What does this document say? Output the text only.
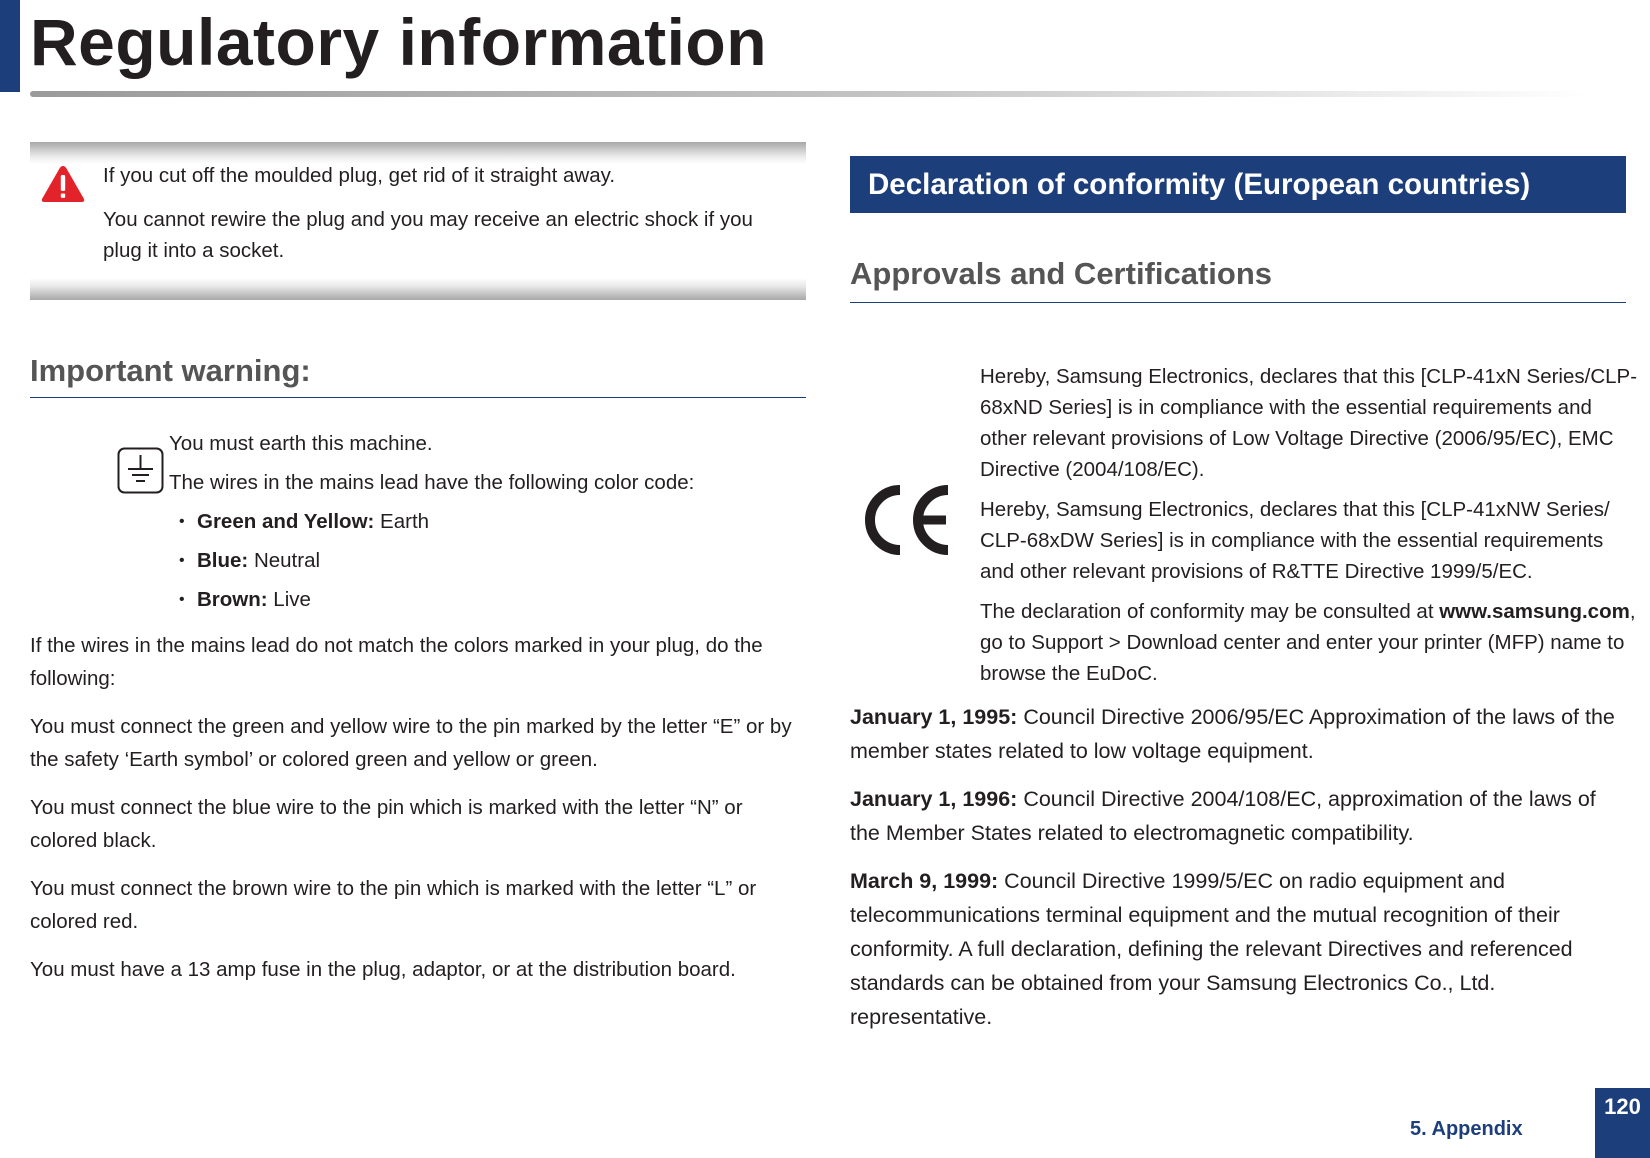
Regulatory information

If you cut off the moulded plug, get rid of it straight away.

You cannot rewire the plug and you may receive an electric shock if you plug it into a socket.

Important warning:

You must earth this machine.

The wires in the mains lead have the following color code:

• Green and Yellow: Earth
• Blue: Neutral
• Brown: Live

If the wires in the mains lead do not match the colors marked in your plug, do the following:

You must connect the green and yellow wire to the pin marked by the letter “E” or by the safety ‘Earth symbol’ or colored green and yellow or green.

You must connect the blue wire to the pin which is marked with the letter “N” or colored black.

You must connect the brown wire to the pin which is marked with the letter “L” or colored red.

You must have a 13 amp fuse in the plug, adaptor, or at the distribution board.

Declaration of conformity (European countries)
Approvals and Certifications

Hereby, Samsung Electronics, declares that this [CLP-41xN Series/CLP-68xND Series] is in compliance with the essential requirements and other relevant provisions of Low Voltage Directive (2006/95/EC), EMC Directive (2004/108/EC).

Hereby, Samsung Electronics, declares that this [CLP-41xNW Series/ CLP-68xDW Series] is in compliance with the essential requirements and other relevant provisions of R&TTE Directive 1999/5/EC.

The declaration of conformity may be consulted at www.samsung.com, go to Support > Download center and enter your printer (MFP) name to browse the EuDoC.

January 1, 1995: Council Directive 2006/95/EC Approximation of the laws of the member states related to low voltage equipment.

January 1, 1996: Council Directive 2004/108/EC, approximation of the laws of the Member States related to electromagnetic compatibility.

March 9, 1999: Council Directive 1999/5/EC on radio equipment and telecommunications terminal equipment and the mutual recognition of their conformity. A full declaration, defining the relevant Directives and referenced standards can be obtained from your Samsung Electronics Co., Ltd. representative.

5. Appendix
120
